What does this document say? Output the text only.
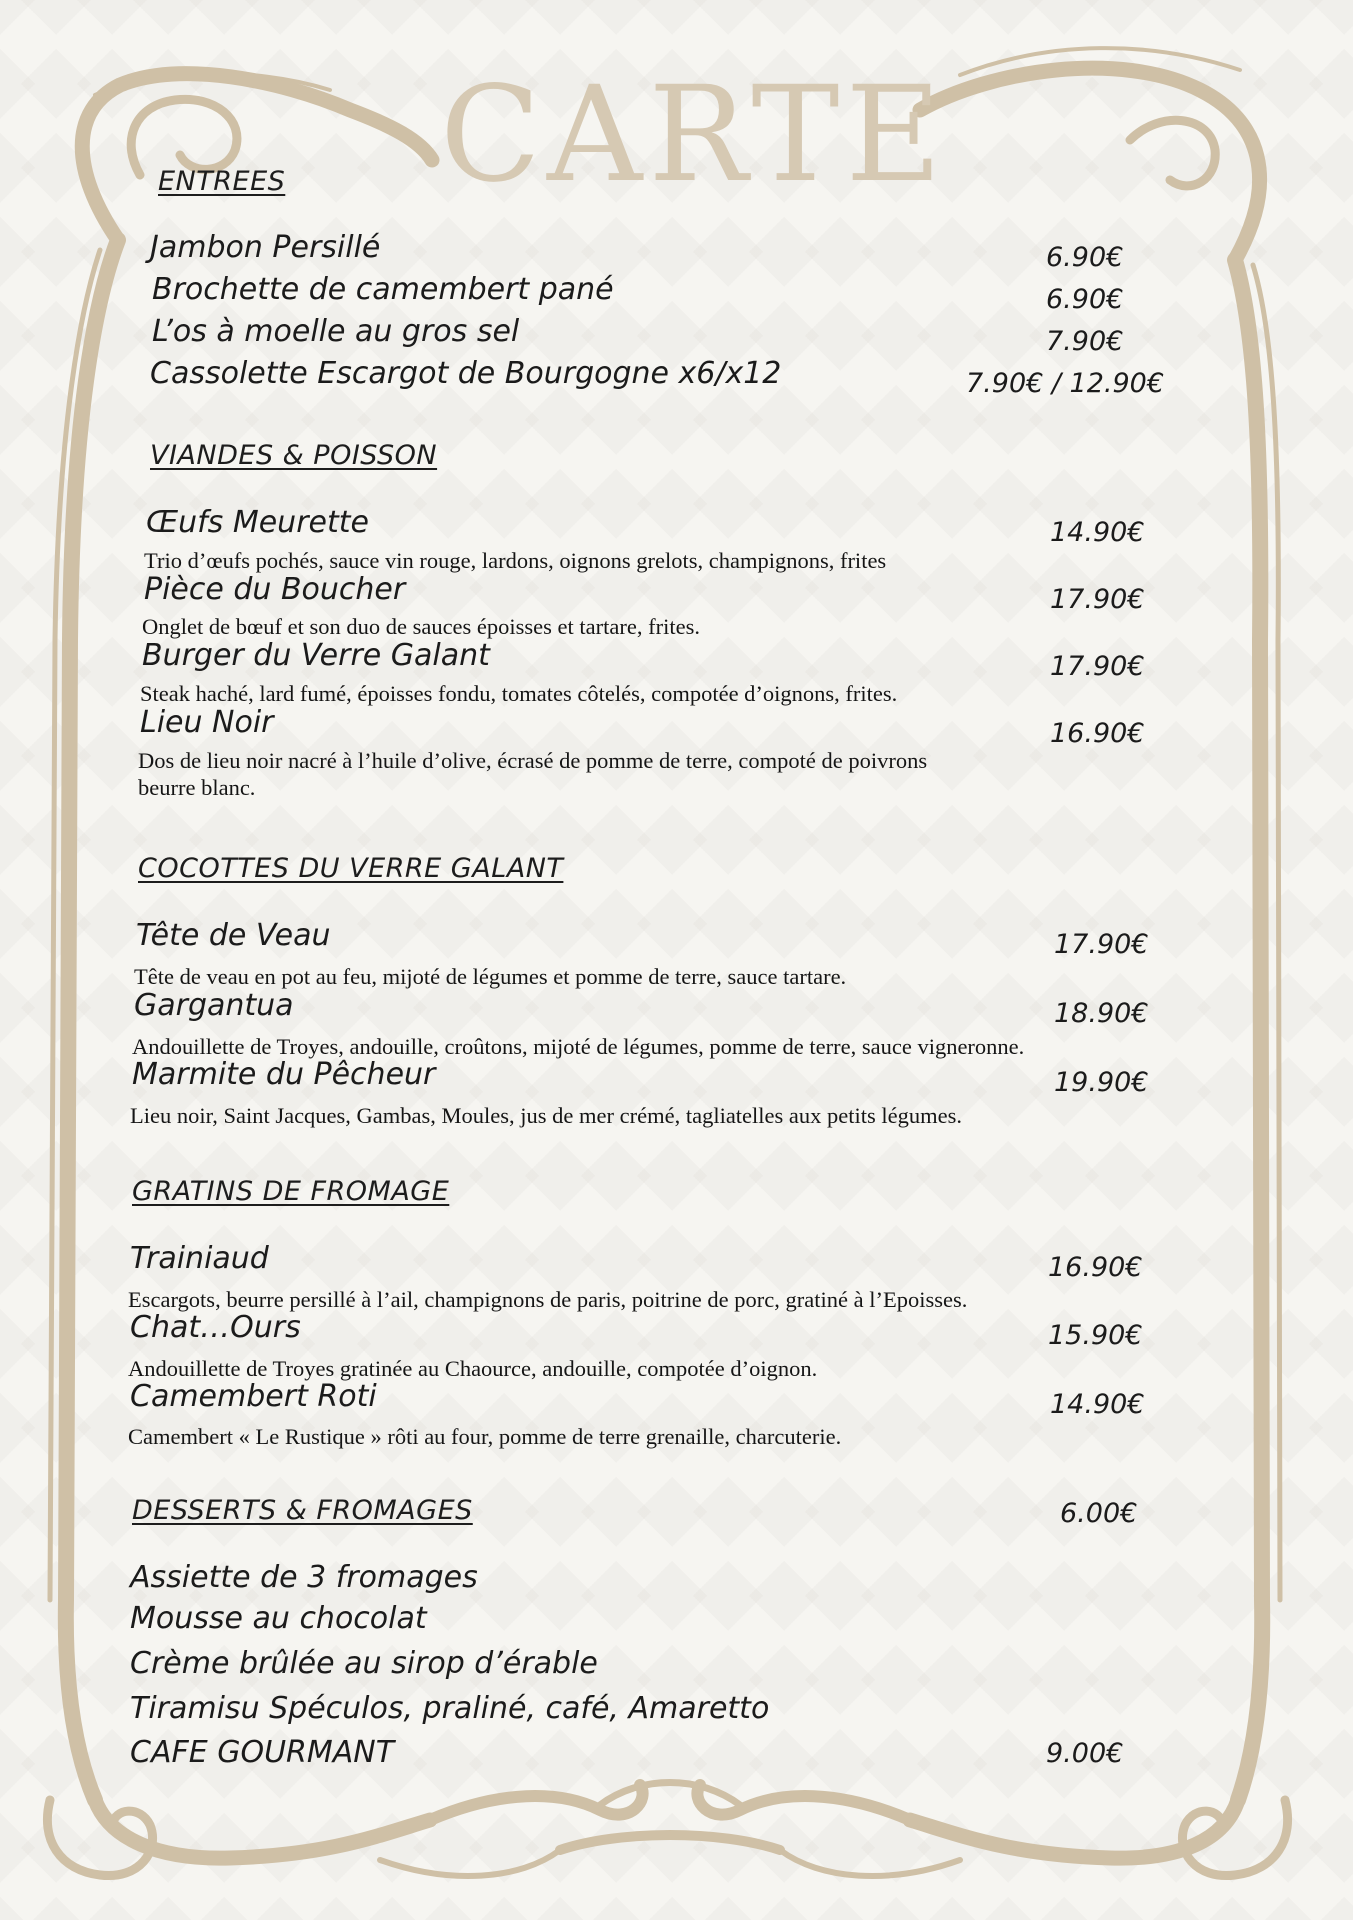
CARTE
ENTREES
Jambon Persillé	6.90€
Brochette de camembert pané	6.90€
L’os à moelle au gros sel	7.90€
Cassolette Escargot de Bourgogne x6/x12	7.90€ / 12.90€
VIANDES & POISSON
Œufs Meurette	14.90€
Trio d’œufs pochés, sauce vin rouge, lardons, oignons grelots, champignons, frites
Pièce du Boucher	17.90€
Onglet de bœuf et son duo de sauces époisses et tartare, frites.
Burger du Verre Galant	17.90€
Steak haché, lard fumé, époisses fondu, tomates côtelés, compotée d’oignons, frites.
Lieu Noir	16.90€
Dos de lieu noir nacré à l’huile d’olive, écrasé de pomme de terre, compoté de poivrons
beurre blanc.
COCOTTES DU VERRE GALANT
Tête de Veau	17.90€
Tête de veau en pot au feu, mijoté de légumes et pomme de terre, sauce tartare.
Gargantua	18.90€
Andouillette de Troyes, andouille, croûtons, mijoté de légumes, pomme de terre, sauce vigneronne.
Marmite du Pêcheur	19.90€
Lieu noir, Saint Jacques, Gambas, Moules, jus de mer crémé, tagliatelles aux petits légumes.
GRATINS DE FROMAGE
Trainiaud	16.90€
Escargots, beurre persillé à l’ail, champignons de paris, poitrine de porc, gratiné à l’Epoisses.
Chat…Ours	15.90€
Andouillette de Troyes gratinée au Chaource, andouille, compotée d’oignon.
Camembert Roti	14.90€
Camembert « Le Rustique » rôti au four, pomme de terre grenaille, charcuterie.
DESSERTS & FROMAGES	6.00€
Assiette de 3 fromages
Mousse au chocolat
Crème brûlée au sirop d’érable
Tiramisu Spéculos, praliné, café, Amaretto
CAFE GOURMANT	9.00€
